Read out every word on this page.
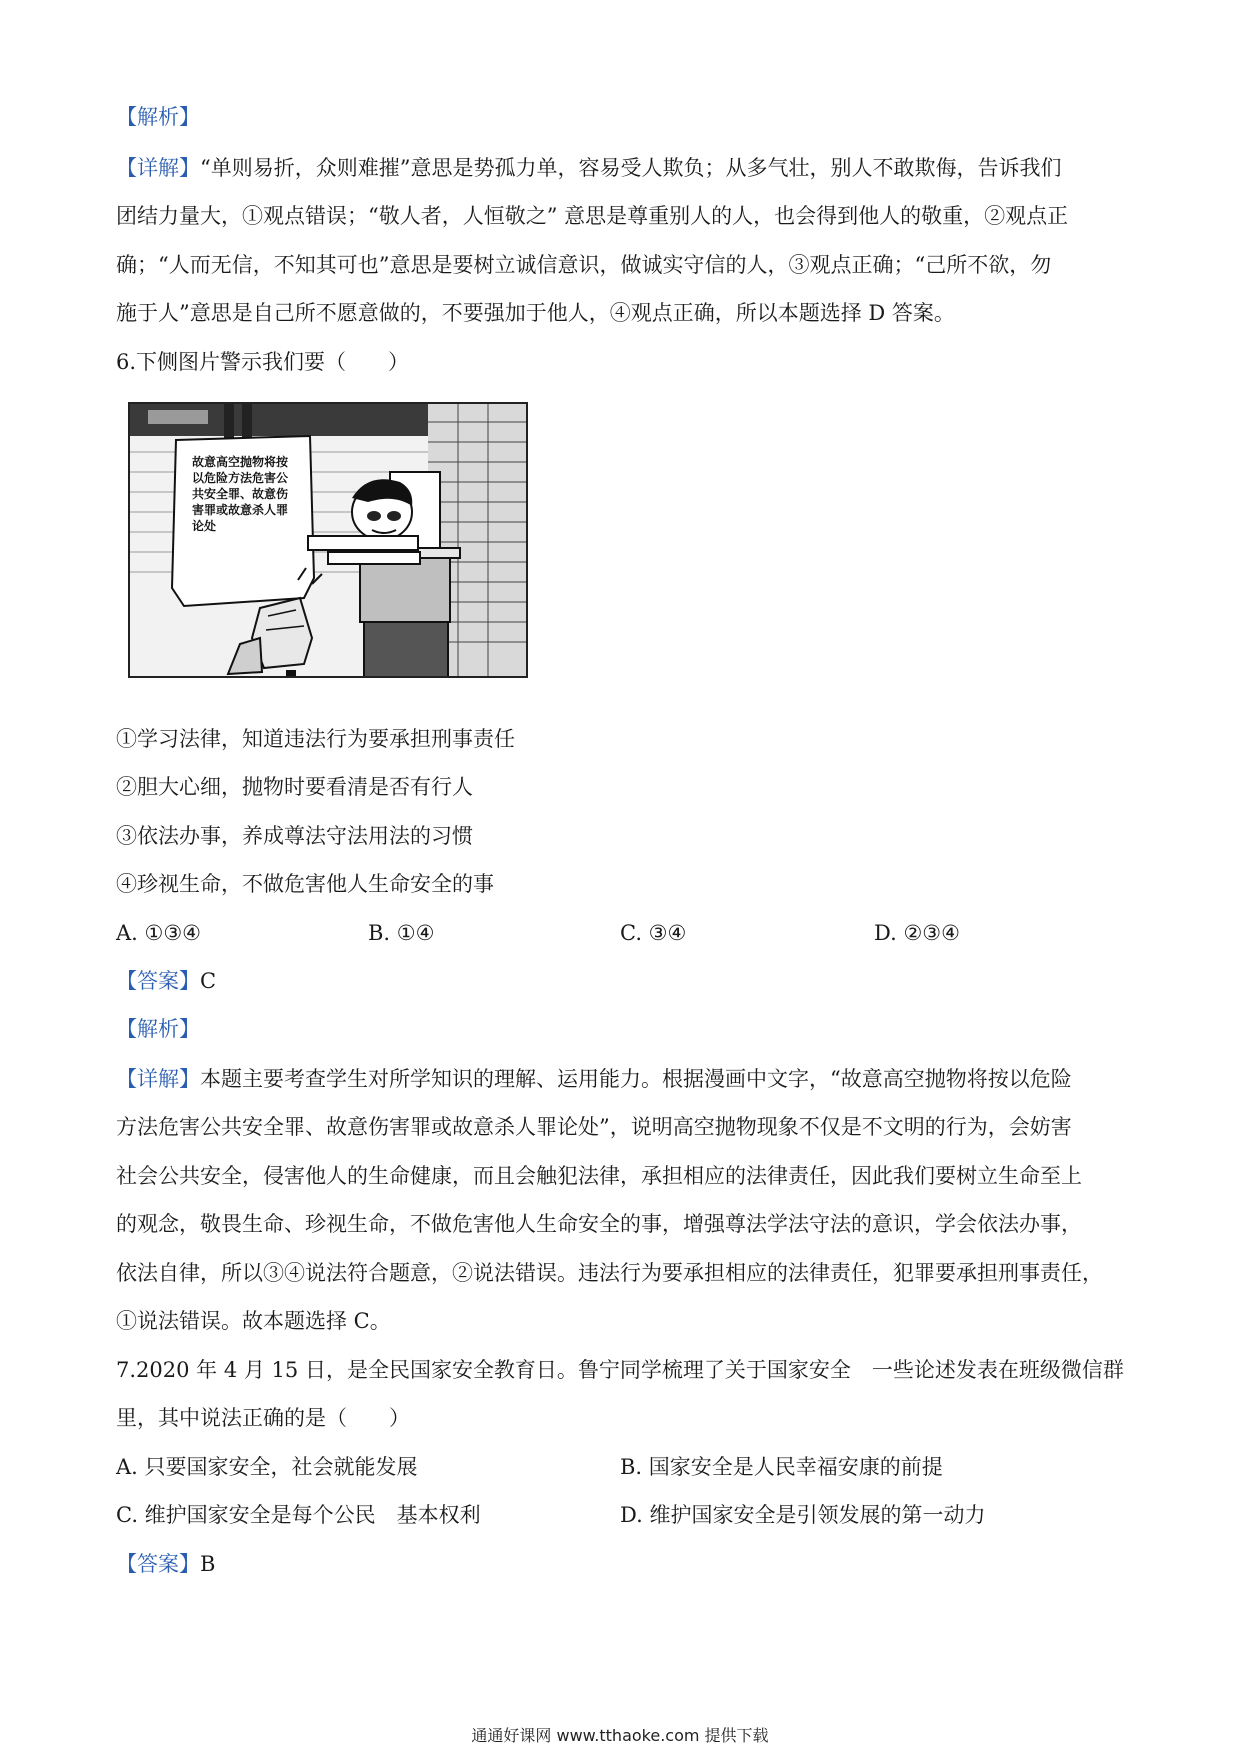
【解析】
【详解】“单则易折，众则难摧”意思是势孤力单，容易受人欺负；从多气壮，别人不敢欺侮，告诉我们
团结力量大，①观点错误；“敬人者，人恒敬之” 意思是尊重别人的人，也会得到他人的敬重，②观点正
确；“人而无信，不知其可也”意思是要树立诚信意识，做诚实守信的人，③观点正确；“己所不欲，勿
施于人”意思是自己所不愿意做的，不要强加于他人，④观点正确，所以本题选择 D 答案。
6.下侧图片警示我们要（　　）
故意高空抛物将按以危险方法危害公共安全罪、故意伤害罪或故意杀人罪论处
①学习法律，知道违法行为要承担刑事责任
②胆大心细，抛物时要看清是否有行人
③依法办事，养成尊法守法用法的习惯
④珍视生命，不做危害他人生命安全的事
A. ①③④	B. ①④	C. ③④	D. ②③④
【答案】C
【解析】
【详解】本题主要考查学生对所学知识的理解、运用能力。根据漫画中文字，“故意高空抛物将按以危险
方法危害公共安全罪、故意伤害罪或故意杀人罪论处”，说明高空抛物现象不仅是不文明的行为，会妨害
社会公共安全，侵害他人的生命健康，而且会触犯法律，承担相应的法律责任，因此我们要树立生命至上
的观念，敬畏生命、珍视生命，不做危害他人生命安全的事，增强尊法学法守法的意识，学会依法办事，
依法自律，所以③④说法符合题意，②说法错误。违法行为要承担相应的法律责任，犯罪要承担刑事责任，
①说法错误。故本题选择 C。
7.2020 年 4 月 15 日，是全民国家安全教育日。鲁宁同学梳理了关于国家安全　一些论述发表在班级微信群
里，其中说法正确的是（　　）
A. 只要国家安全，社会就能发展	B. 国家安全是人民幸福安康的前提
C. 维护国家安全是每个公民　基本权利	D. 维护国家安全是引领发展的第一动力
【答案】B
通通好课网 www.tthaoke.com 提供下载
